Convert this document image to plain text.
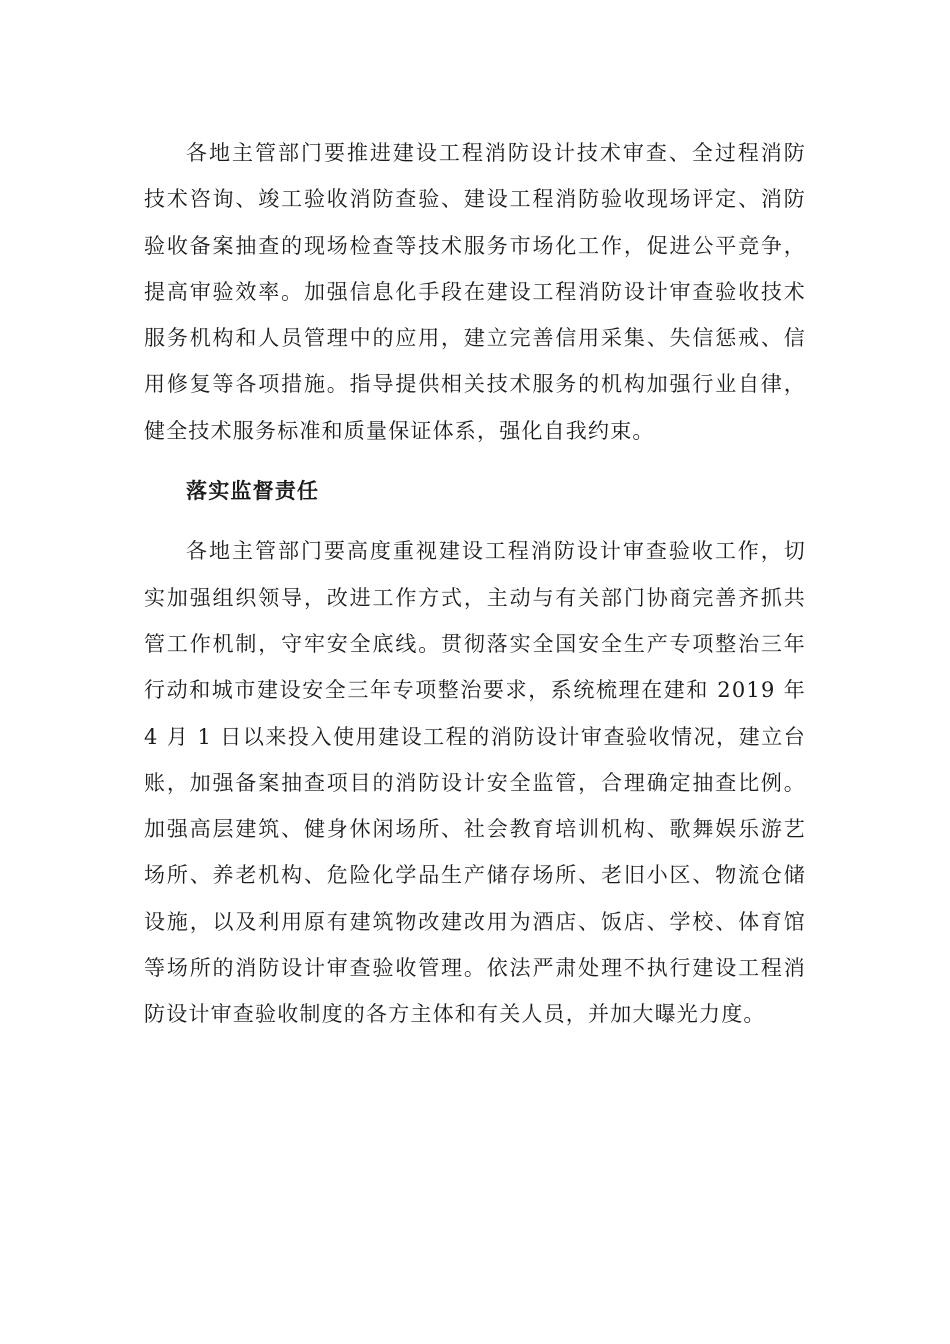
各地主管部门要推进建设工程消防设计技术审查、全过程消防技术咨询、竣工验收消防查验、建设工程消防验收现场评定、消防验收备案抽查的现场检查等技术服务市场化工作，促进公平竞争，提高审验效率。加强信息化手段在建设工程消防设计审查验收技术服务机构和人员管理中的应用，建立完善信用采集、失信惩戒、信用修复等各项措施。指导提供相关技术服务的机构加强行业自律，健全技术服务标准和质量保证体系，强化自我约束。

落实监督责任

各地主管部门要高度重视建设工程消防设计审查验收工作，切实加强组织领导，改进工作方式，主动与有关部门协商完善齐抓共管工作机制，守牢安全底线。贯彻落实全国安全生产专项整治三年行动和城市建设安全三年专项整治要求，系统梳理在建和 2019 年 4 月 1 日以来投入使用建设工程的消防设计审查验收情况，建立台账，加强备案抽查项目的消防设计安全监管，合理确定抽查比例。加强高层建筑、健身休闲场所、社会教育培训机构、歌舞娱乐游艺场所、养老机构、危险化学品生产储存场所、老旧小区、物流仓储设施，以及利用原有建筑物改建改用为酒店、饭店、学校、体育馆等场所的消防设计审查验收管理。依法严肃处理不执行建设工程消防设计审查验收制度的各方主体和有关人员，并加大曝光力度。
